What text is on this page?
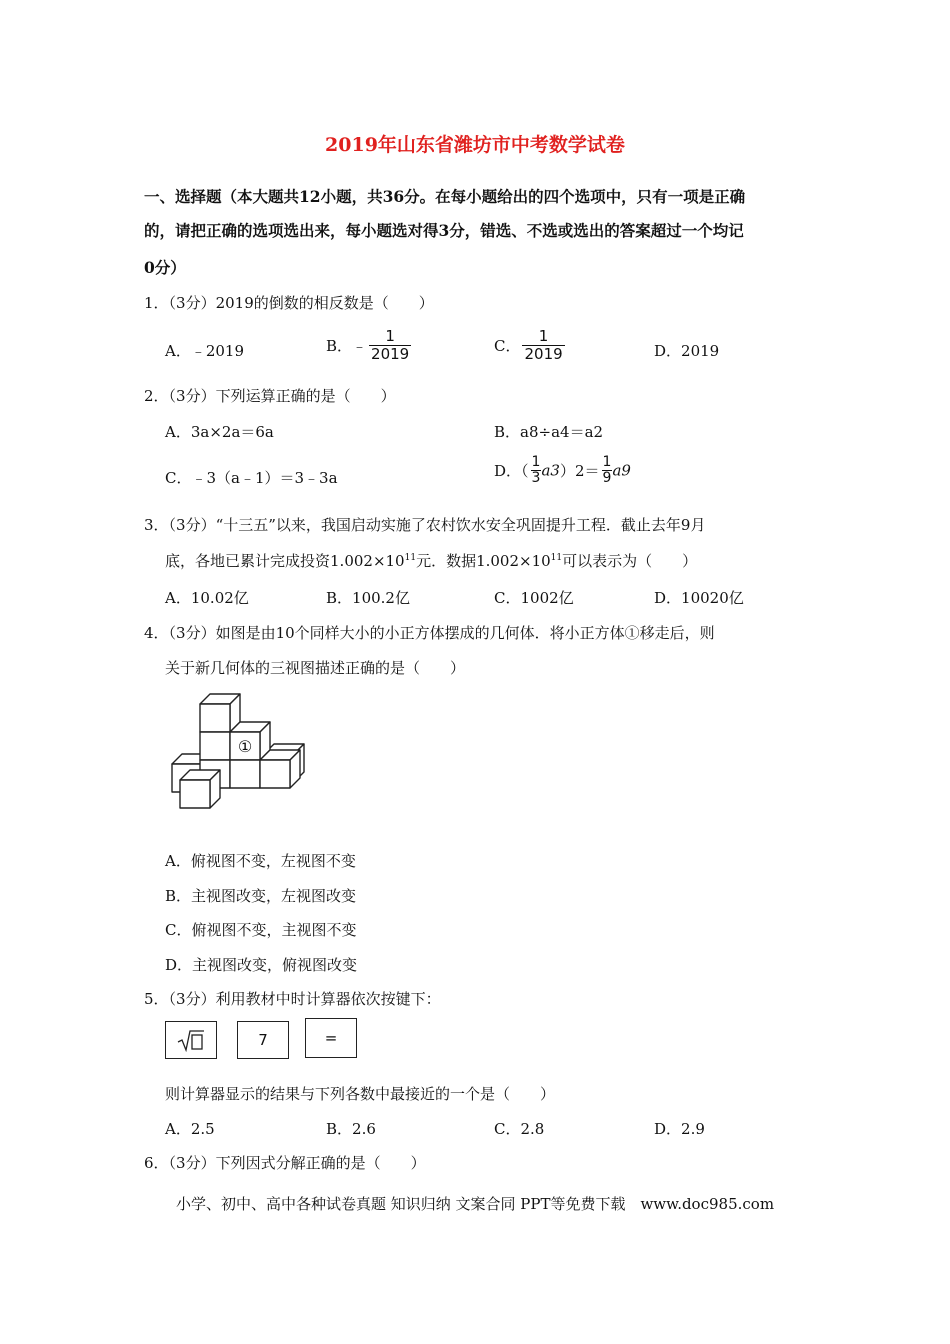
2019年山东省潍坊市中考数学试卷
一、选择题（本大题共12小题，共36分。在每小题给出的四个选项中，只有一项是正确
的，请把正确的选项选出来，每小题选对得3分，错选、不选或选出的答案超过一个均记
0分）
1．（3分）2019的倒数的相反数是（　　）
A．﹣2019	B．﹣ $\frac{1}{2019}$	C． $\frac{1}{2019}$	D．2019
2．（3分）下列运算正确的是（　　）
A．3a×2a＝6a	B．a8÷a4＝a2
C．﹣3（a﹣1）＝3﹣3a	D．（ $\frac{1}{3} a3)2= \frac{1}{9} a9$
3．（3分）“十三五”以来，我国启动实施了农村饮水安全巩固提升工程．截止去年9月
底，各地已累计完成投资$1.002\times 10^{11}$元．数据$1.002\times 10^{11}$可以表示为（　　）
A．10.02亿	B．100.2亿	C．1002亿	D．10020亿
4．（3分）如图是由10个同样大小的小正方体摆成的几何体．将小正方体①移走后，则
关于新几何体的三视图描述正确的是（　　）
①
A．俯视图不变，左视图不变
B．主视图改变，左视图改变
C．俯视图不变，主视图不变
D．主视图改变，俯视图改变
5．（3分）利用教材中时计算器依次按键下：
7	=
则计算器显示的结果与下列各数中最接近的一个是（　　）
A．2.5	B．2.6	C．2.8	D．2.9
6．（3分）下列因式分解正确的是（　　）
小学、初中、高中各种试卷真题 知识归纳 文案合同 PPT等免费下载　www.doc985.com
